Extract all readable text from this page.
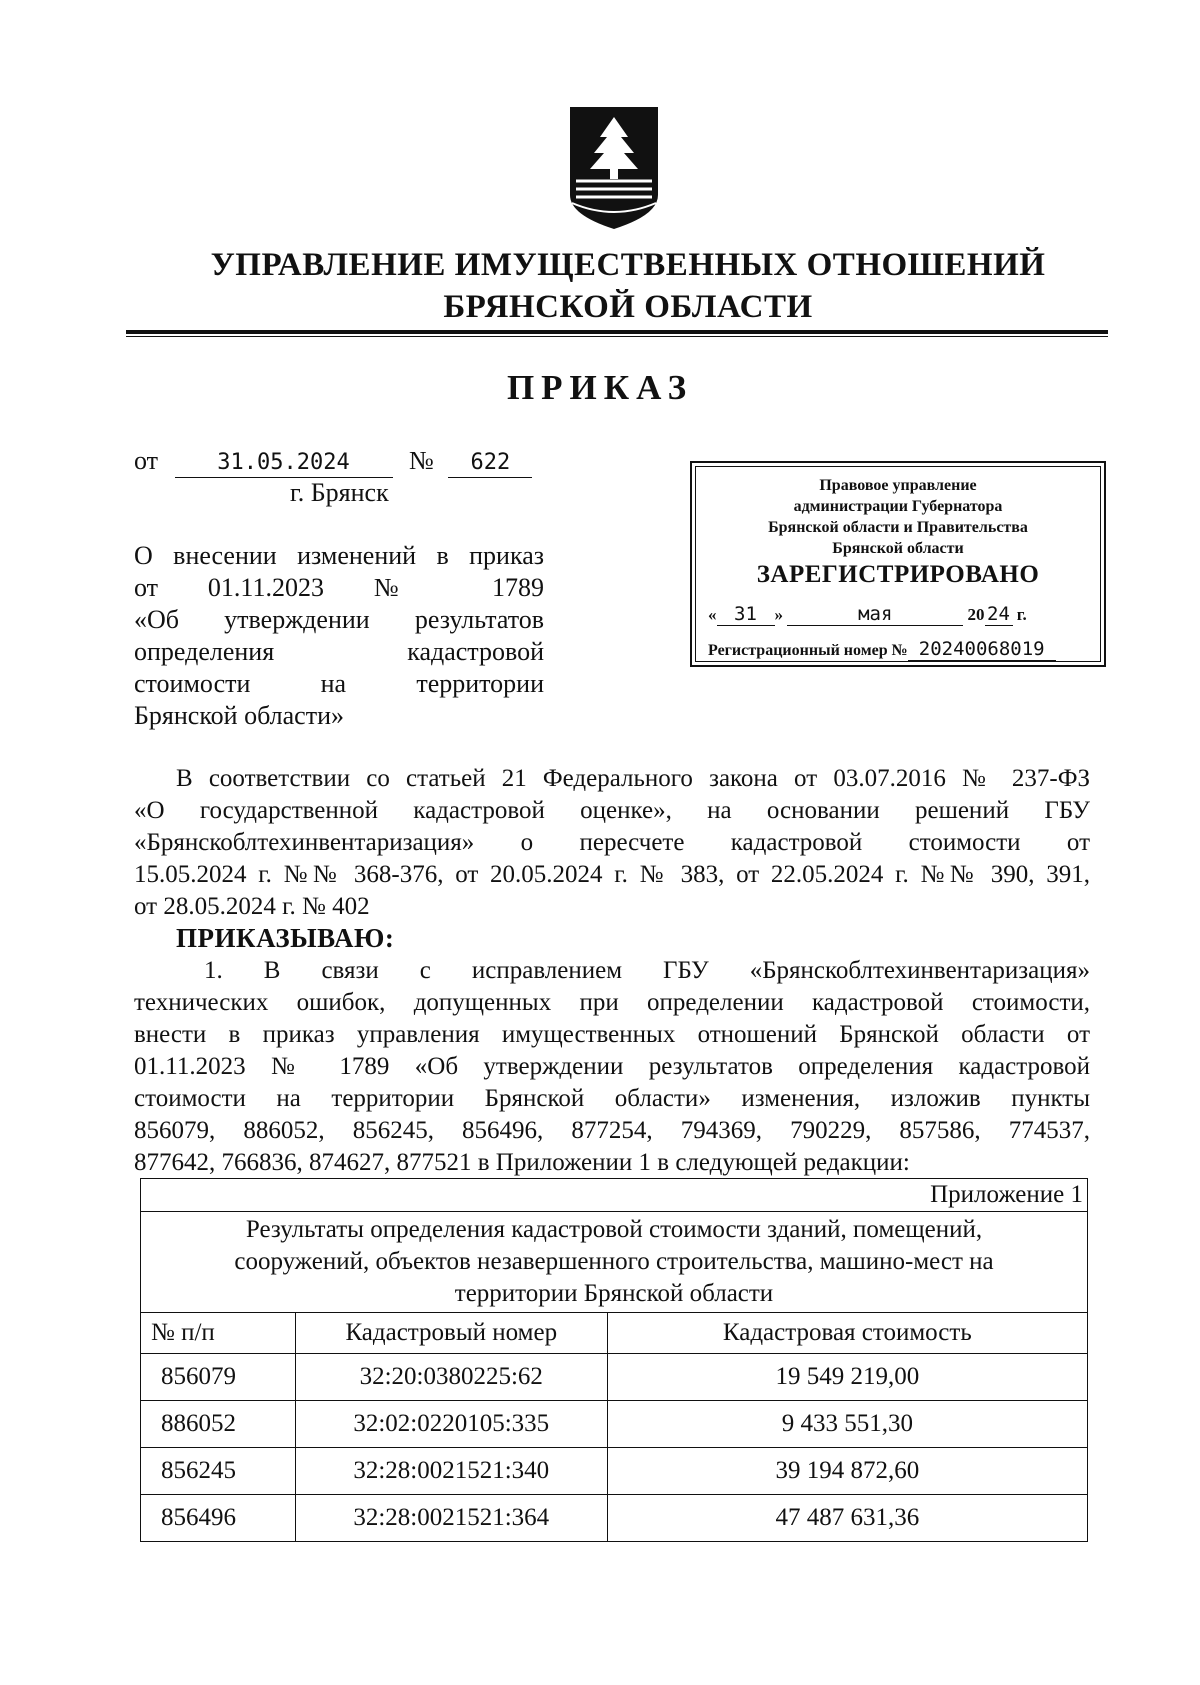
УПРАВЛЕНИЕ ИМУЩЕСТВЕННЫХ ОТНОШЕНИЙ
БРЯНСКОЙ ОБЛАСТИ
ПРИКАЗ
от	31.05.2024 № 622
г. Брянск
О внесении изменений в приказ
от 01.11.2023 № 1789
«Об утверждении результатов
определения кадастровой
стоимости на территории
Брянской области»
Правовое управление
администрации Губернатора
Брянской области и Правительства
Брянской области
ЗАРЕГИСТРИРОВАНО
« 31 »	мая	20 24 г.
Регистрационный номер № 20240068019
В соответствии со статьей 21 Федерального закона от 03.07.2016 № 237-ФЗ
«О государственной кадастровой оценке», на основании решений ГБУ
«Брянскоблтехинвентаризация» о пересчете кадастровой стоимости от
15.05.2024 г. №№ 368-376, от 20.05.2024 г. № 383, от 22.05.2024 г. №№ 390, 391,
от 28.05.2024 г. № 402
ПРИКАЗЫВАЮ:
1. В связи с исправлением ГБУ «Брянскоблтехинвентаризация»
технических ошибок, допущенных при определении кадастровой стоимости,
внести в приказ управления имущественных отношений Брянской области от
01.11.2023 № 1789 «Об утверждении результатов определения кадастровой
стоимости на территории Брянской области» изменения, изложив пункты
856079, 886052, 856245, 856496, 877254, 794369, 790229, 857586, 774537,
877642, 766836, 874627, 877521 в Приложении 1 в следующей редакции:
Приложение 1		

Результаты определения кадастровой стоимости зданий, помещений,
сооружений, объектов незавершенного строительства, машино-мест на
территории Брянской области		

№ п/п	Кадастровый номер	Кадастровая стоимость
856079	32:20:0380225:62	19 549 219,00
886052	32:02:0220105:335	9 433 551,30
856245	32:28:0021521:340	39 194 872,60
856496	32:28:0021521:364	47 487 631,36
